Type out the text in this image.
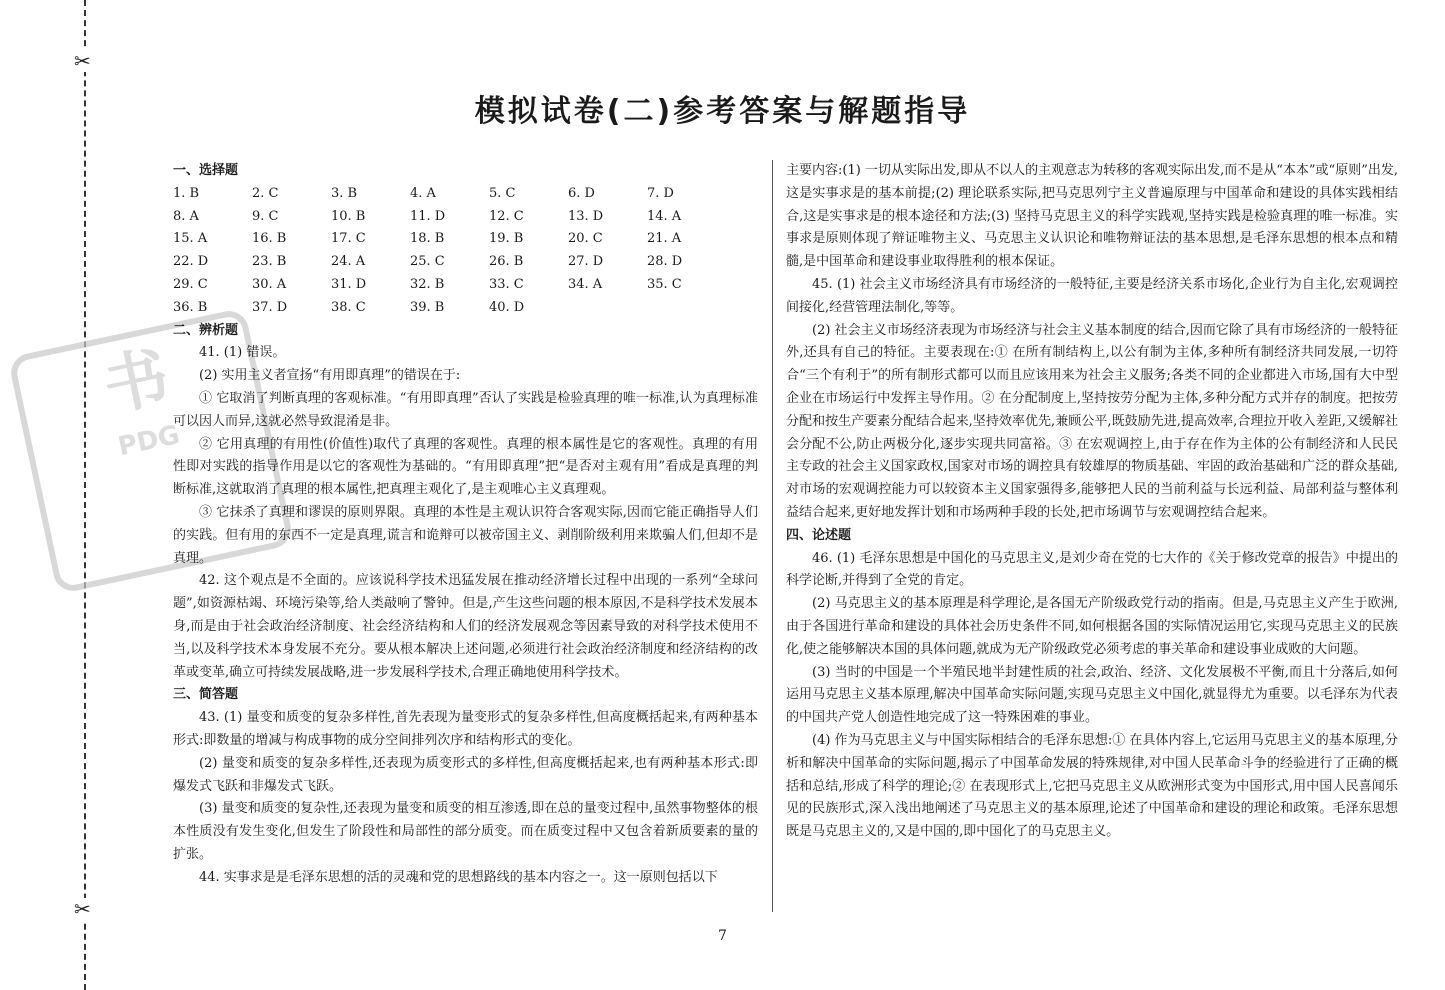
✂
✂
书
PDG
模拟试卷(二)参考答案与解题指导
一、选择题
1. B	2. C	3. B	4. A	5. C	6. D	7. D
8. A	9. C	10. B	11. D	12. C	13. D	14. A
15. A	16. B	17. C	18. B	19. B	20. C	21. A
22. D	23. B	24. A	25. C	26. B	27. D	28. D
29. C	30. A	31. D	32. B	33. C	34. A	35. C
36. B	37. D	38. C	39. B	40. D
二、辨析题

41. (1) 错误。

(2) 实用主义者宣扬“有用即真理”的错误在于:

① 它取消了判断真理的客观标准。“有用即真理”否认了实践是检验真理的唯一标准,认为真理标准可以因人而异,这就必然导致混淆是非。

② 它用真理的有用性(价值性)取代了真理的客观性。真理的根本属性是它的客观性。真理的有用性即对实践的指导作用是以它的客观性为基础的。“有用即真理”把“是否对主观有用”看成是真理的判断标准,这就取消了真理的根本属性,把真理主观化了,是主观唯心主义真理观。

③ 它抹杀了真理和谬误的原则界限。真理的本性是主观认识符合客观实际,因而它能正确指导人们的实践。但有用的东西不一定是真理,谎言和诡辩可以被帝国主义、剥削阶级利用来欺骗人们,但却不是真理。

42. 这个观点是不全面的。应该说科学技术迅猛发展在推动经济增长过程中出现的一系列“全球问题”,如资源枯竭、环境污染等,给人类敲响了警钟。但是,产生这些问题的根本原因,不是科学技术发展本身,而是由于社会政治经济制度、社会经济结构和人们的经济发展观念等因素导致的对科学技术使用不当,以及科学技术本身发展不充分。要从根本解决上述问题,必须进行社会政治经济制度和经济结构的改革或变革,确立可持续发展战略,进一步发展科学技术,合理正确地使用科学技术。

三、简答题

43. (1) 量变和质变的复杂多样性,首先表现为量变形式的复杂多样性,但高度概括起来,有两种基本形式:即数量的增减与构成事物的成分空间排列次序和结构形式的变化。

(2) 量变和质变的复杂多样性,还表现为质变形式的多样性,但高度概括起来,也有两种基本形式:即爆发式飞跃和非爆发式飞跃。

(3) 量变和质变的复杂性,还表现为量变和质变的相互渗透,即在总的量变过程中,虽然事物整体的根本性质没有发生变化,但发生了阶段性和局部性的部分质变。而在质变过程中又包含着新质要素的量的扩张。

44. 实事求是是毛泽东思想的活的灵魂和党的思想路线的基本内容之一。这一原则包括以下

主要内容:(1) 一切从实际出发,即从不以人的主观意志为转移的客观实际出发,而不是从“本本”或“原则”出发,这是实事求是的基本前提;(2) 理论联系实际,把马克思列宁主义普遍原理与中国革命和建设的具体实践相结合,这是实事求是的根本途径和方法;(3) 坚持马克思主义的科学实践观,坚持实践是检验真理的唯一标准。实事求是原则体现了辩证唯物主义、马克思主义认识论和唯物辩证法的基本思想,是毛泽东思想的根本点和精髓,是中国革命和建设事业取得胜利的根本保证。

45. (1) 社会主义市场经济具有市场经济的一般特征,主要是经济关系市场化,企业行为自主化,宏观调控间接化,经营管理法制化,等等。

(2) 社会主义市场经济表现为市场经济与社会主义基本制度的结合,因而它除了具有市场经济的一般特征外,还具有自己的特征。主要表现在:① 在所有制结构上,以公有制为主体,多种所有制经济共同发展,一切符合“三个有利于”的所有制形式都可以而且应该用来为社会主义服务;各类不同的企业都进入市场,国有大中型企业在市场运行中发挥主导作用。② 在分配制度上,坚持按劳分配为主体,多种分配方式并存的制度。把按劳分配和按生产要素分配结合起来,坚持效率优先,兼顾公平,既鼓励先进,提高效率,合理拉开收入差距,又缓解社会分配不公,防止两极分化,逐步实现共同富裕。③ 在宏观调控上,由于存在作为主体的公有制经济和人民民主专政的社会主义国家政权,国家对市场的调控具有较雄厚的物质基础、牢固的政治基础和广泛的群众基础,对市场的宏观调控能力可以较资本主义国家强得多,能够把人民的当前利益与长远利益、局部利益与整体利益结合起来,更好地发挥计划和市场两种手段的长处,把市场调节与宏观调控结合起来。

四、论述题

46. (1) 毛泽东思想是中国化的马克思主义,是刘少奇在党的七大作的《关于修改党章的报告》中提出的科学论断,并得到了全党的肯定。

(2) 马克思主义的基本原理是科学理论,是各国无产阶级政党行动的指南。但是,马克思主义产生于欧洲,由于各国进行革命和建设的具体社会历史条件不同,如何根据各国的实际情况运用它,实现马克思主义的民族化,使之能够解决本国的具体问题,就成为无产阶级政党必须考虑的事关革命和建设事业成败的大问题。

(3) 当时的中国是一个半殖民地半封建性质的社会,政治、经济、文化发展极不平衡,而且十分落后,如何运用马克思主义基本原理,解决中国革命实际问题,实现马克思主义中国化,就显得尤为重要。以毛泽东为代表的中国共产党人创造性地完成了这一特殊困难的事业。

(4) 作为马克思主义与中国实际相结合的毛泽东思想:① 在具体内容上,它运用马克思主义的基本原理,分析和解决中国革命的实际问题,揭示了中国革命发展的特殊规律,对中国人民革命斗争的经验进行了正确的概括和总结,形成了科学的理论;② 在表现形式上,它把马克思主义从欧洲形式变为中国形式,用中国人民喜闻乐见的民族形式,深入浅出地阐述了马克思主义的基本原理,论述了中国革命和建设的理论和政策。毛泽东思想既是马克思主义的,又是中国的,即中国化了的马克思主义。

7
